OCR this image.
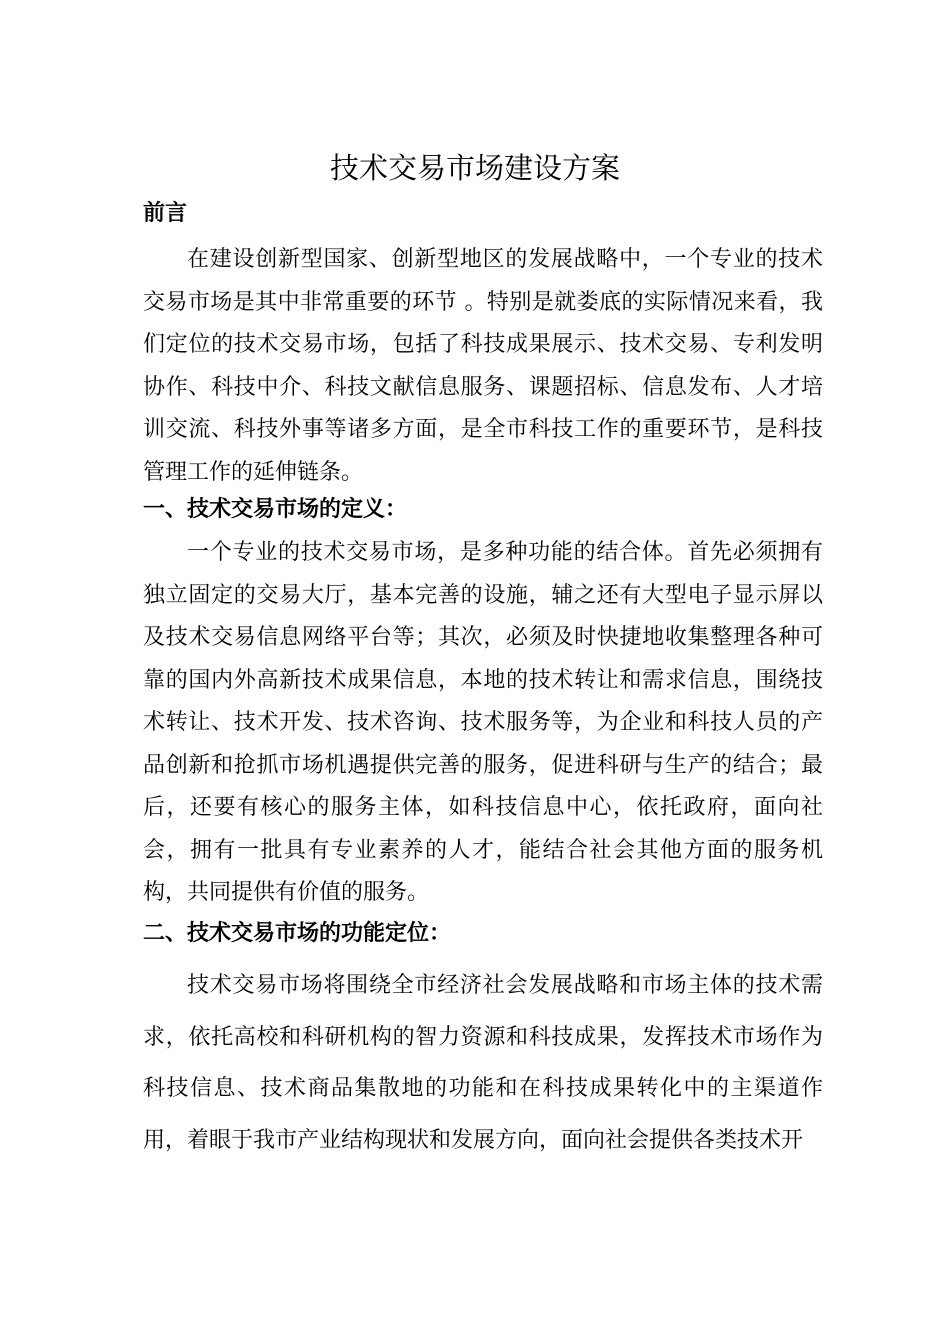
技术交易市场建设方案
前言
在建设创新型国家、创新型地区的发展战略中，一个专业的技术交易市场是其中非常重要的环节 。特别是就娄底的实际情况来看，我们定位的技术交易市场，包括了科技成果展示、技术交易、专利发明协作、科技中介、科技文献信息服务、课题招标、信息发布、人才培训交流、科技外事等诸多方面，是全市科技工作的重要环节，是科技管理工作的延伸链条。
一、技术交易市场的定义：
一个专业的技术交易市场，是多种功能的结合体。首先必须拥有独立固定的交易大厅，基本完善的设施，辅之还有大型电子显示屏以及技术交易信息网络平台等；其次，必须及时快捷地收集整理各种可靠的国内外高新技术成果信息，本地的技术转让和需求信息，围绕技术转让、技术开发、技术咨询、技术服务等，为企业和科技人员的产品创新和抢抓市场机遇提供完善的服务，促进科研与生产的结合；最后，还要有核心的服务主体，如科技信息中心，依托政府，面向社会，拥有一批具有专业素养的人才，能结合社会其他方面的服务机构，共同提供有价值的服务。
二、技术交易市场的功能定位：
技术交易市场将围绕全市经济社会发展战略和市场主体的技术需求，依托高校和科研机构的智力资源和科技成果，发挥技术市场作为科技信息、技术商品集散地的功能和在科技成果转化中的主渠道作用，着眼于我市产业结构现状和发展方向，面向社会提供各类技术开
